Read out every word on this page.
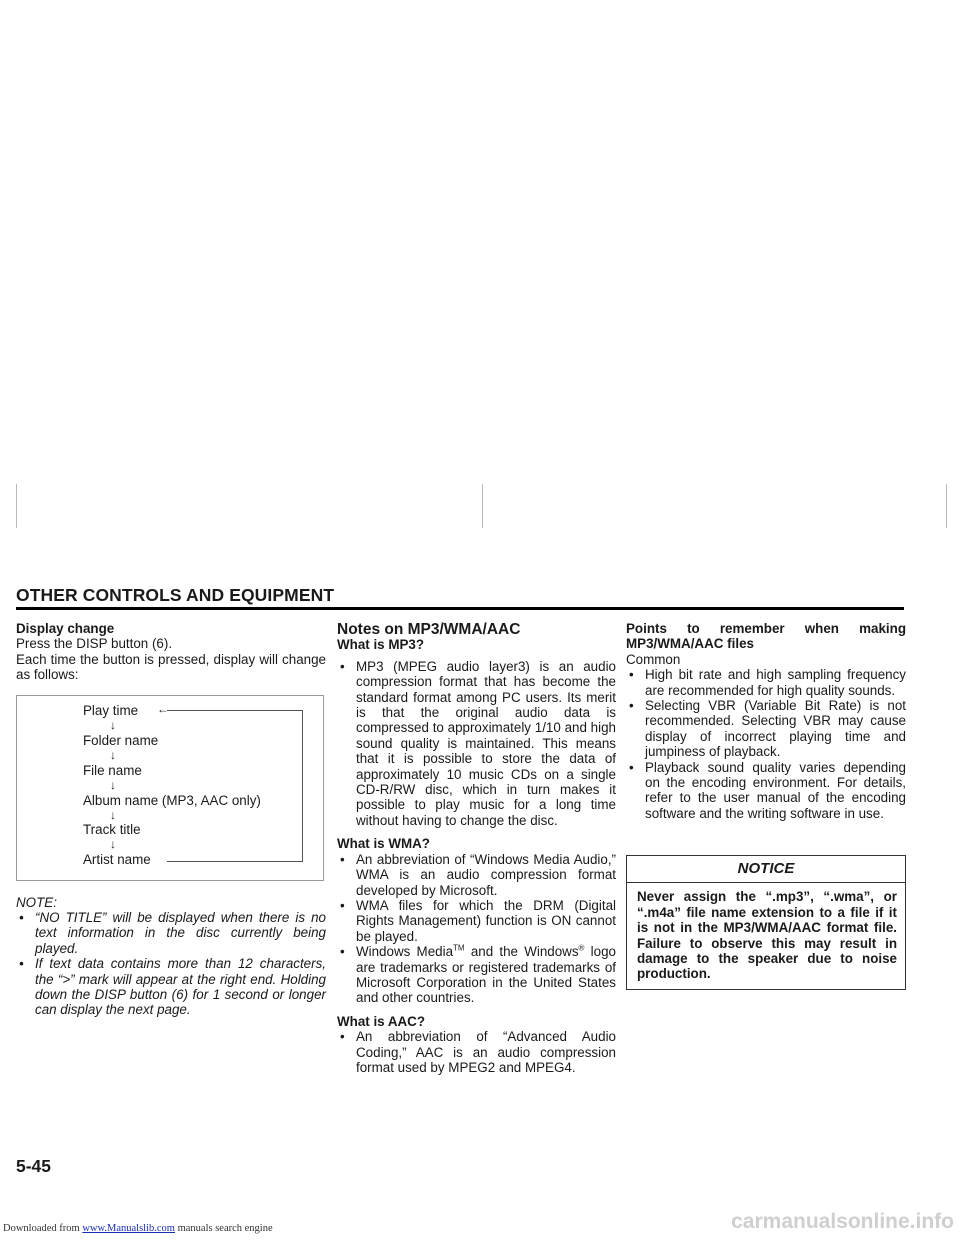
OTHER CONTROLS AND EQUIPMENT

Display change

Press the DISP button (6).

Each time the button is pressed, display will change as follows:

←
Play time
↓
Folder name
↓
File name
↓
Album name (MP3, AAC only)
↓
Track title
↓
Artist name

NOTE:

• “NO TITLE” will be displayed when there is no text information in the disc currently being played.
• If text data contains more than 12 characters, the “>” mark will appear at the right end. Holding down the DISP button (6) for 1 second or longer can display the next page.

Notes on MP3/WMA/AAC

What is MP3?

• MP3 (MPEG audio layer3) is an audio compression format that has become the standard format among PC users. Its merit is that the original audio data is compressed to approximately 1/10 and high sound quality is maintained. This means that it is possible to store the data of approximately 10 music CDs on a single CD-R/RW disc, which in turn makes it possible to play music for a long time without having to change the disc.

What is WMA?

• An abbreviation of “Windows Media Audio,” WMA is an audio compression format developed by Microsoft.
• WMA files for which the DRM (Digital Rights Management) function is ON cannot be played.
• Windows Media™ and the Windows® logo are trademarks or registered trademarks of Microsoft Corporation in the United States and other countries.

What is AAC?

• An abbreviation of “Advanced Audio Coding,” AAC is an audio compression format used by MPEG2 and MPEG4.

Points to remember when making MP3/WMA/AAC files

Common

• High bit rate and high sampling frequency are recommended for high quality sounds.
• Selecting VBR (Variable Bit Rate) is not recommended. Selecting VBR may cause display of incorrect playing time and jumpiness of playback.
• Playback sound quality varies depending on the encoding environment. For details, refer to the user manual of the encoding software and the writing software in use.
NOTICE
Never assign the “.mp3”, “.wma”, or “.m4a” file name extension to a file if it is not in the MP3/WMA/AAC format file. Failure to observe this may result in damage to the speaker due to noise production.
5-45
Downloaded from www.Manualslib.com manuals search engine	carmanualsonline.info
